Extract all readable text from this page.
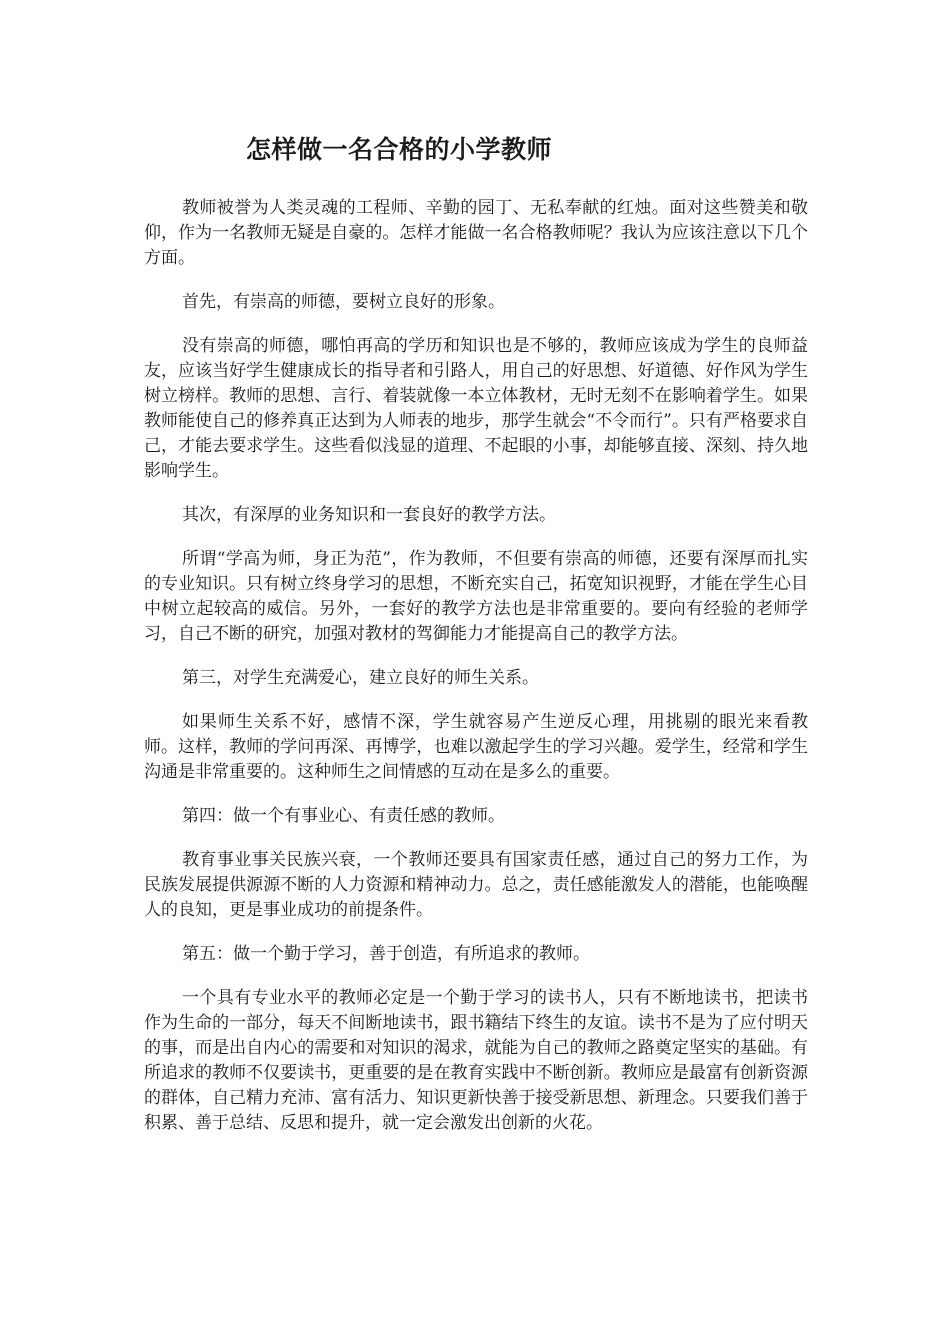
怎样做一名合格的小学教师

教师被誉为人类灵魂的工程师、辛勤的园丁、无私奉献的红烛。面对这些赞美和敬仰，作为一名教师无疑是自豪的。怎样才能做一名合格教师呢？我认为应该注意以下几个方面。

首先，有崇高的师德，要树立良好的形象。

没有崇高的师德，哪怕再高的学历和知识也是不够的，教师应该成为学生的良师益友，应该当好学生健康成长的指导者和引路人，用自己的好思想、好道德、好作风为学生树立榜样。教师的思想、言行、着装就像一本立体教材，无时无刻不在影响着学生。如果教师能使自己的修养真正达到为人师表的地步，那学生就会“不令而行”。只有严格要求自己，才能去要求学生。这些看似浅显的道理、不起眼的小事，却能够直接、深刻、持久地影响学生。

其次，有深厚的业务知识和一套良好的教学方法。

所谓“学高为师，身正为范”，作为教师，不但要有崇高的师德，还要有深厚而扎实的专业知识。只有树立终身学习的思想，不断充实自己，拓宽知识视野，才能在学生心目中树立起较高的威信。另外，一套好的教学方法也是非常重要的。要向有经验的老师学习，自己不断的研究，加强对教材的驾御能力才能提高自己的教学方法。

第三，对学生充满爱心，建立良好的师生关系。

如果师生关系不好，感情不深，学生就容易产生逆反心理，用挑剔的眼光来看教师。这样，教师的学问再深、再博学，也难以激起学生的学习兴趣。爱学生，经常和学生沟通是非常重要的。这种师生之间情感的互动在是多么的重要。

第四：做一个有事业心、有责任感的教师。

教育事业事关民族兴衰，一个教师还要具有国家责任感，通过自己的努力工作，为民族发展提供源源不断的人力资源和精神动力。总之，责任感能激发人的潜能，也能唤醒人的良知，更是事业成功的前提条件。

第五：做一个勤于学习，善于创造，有所追求的教师。

一个具有专业水平的教师必定是一个勤于学习的读书人，只有不断地读书，把读书作为生命的一部分，每天不间断地读书，跟书籍结下终生的友谊。读书不是为了应付明天的事，而是出自内心的需要和对知识的渴求，就能为自己的教师之路奠定坚实的基础。有所追求的教师不仅要读书，更重要的是在教育实践中不断创新。教师应是最富有创新资源的群体，自己精力充沛、富有活力、知识更新快善于接受新思想、新理念。只要我们善于积累、善于总结、反思和提升，就一定会激发出创新的火花。
